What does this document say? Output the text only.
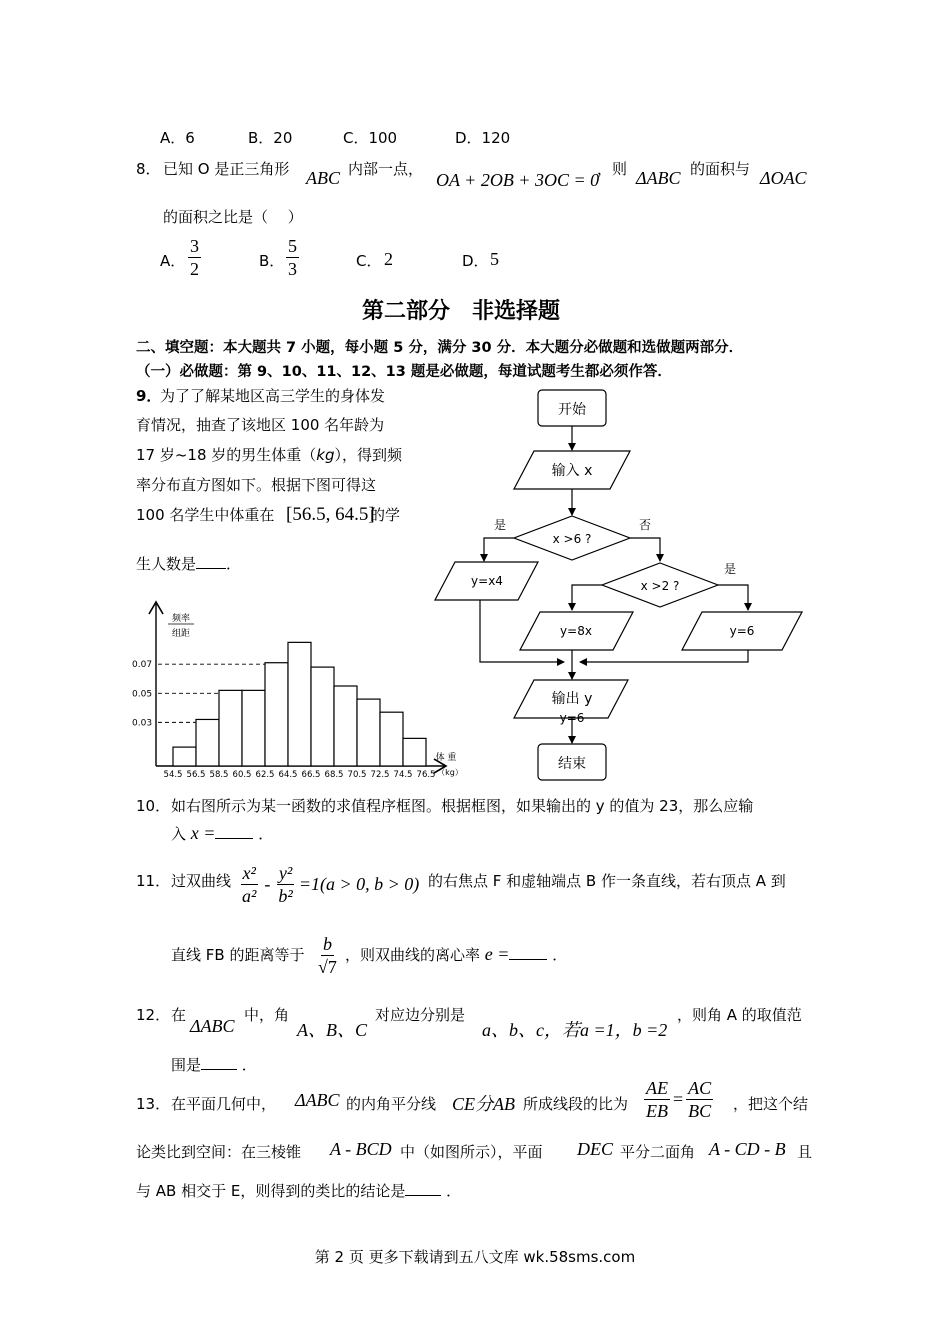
A．6	B．20	C．100	D．120
8． 已知 O 是正三角形 ABC 内部一点，
OA + 2OB + 3OC = 0
，则 ΔABC 的面积与 ΔOAC
的面积之比是（　 ）
A． $\frac{3}{2}$	B． $\frac{5}{3}$	C． 2	D． 5
第二部分　非选择题
二、填空题：本大题共 7 小题，每小题 5 分，满分 30 分．本大题分必做题和选做题两部分．
（一）必做题：第 9、10、11、12、13 题是必做题，每道试题考生都必须作答．
9．
为了了解某地区高三学生的身体发
育情况，抽查了该地区 100 名年龄为
17 岁~18 岁的男生体重（kg），得到频
率分布直方图如下。根据下图可得这
100 名学生中体重在 [56.5, 64.5]
的学
生人数是 ．
频率
组距
0.07
0.05
0.03
54.5 56.5 58.5 60.5 62.5 64.5 66.5 68.5 70.5 72.5 74.5 76.5
体 重
（kg）
开始
输入 x
x >6 ?
是	否
y=x4	x >2 ?
是
y=8x	y=6
输出 y
y=6
结束
10． 如右图所示为某一函数的求值程序框图。根据框图，如果输出的 y 的值为 23，那么应输
入 x =	．
11． 过双曲线 $\frac{\text{x²}}{\text{a²}} - \frac{\text{y²}}{\text{b²}} =1(a > 0$, b > 0) 的右焦点 F 和虚轴端点 B 作一条直线，若右顶点 A 到
直线 FB 的距离等于 $\frac{b}{√7}$ ，则双曲线的离心率 e =	．
12． 在
ΔABC
中，角
A、B、C
对应边分别是
a、b、c，若a =1，b =2
，则角 A 的取值范
围是	．
13． 在平面几何中， ΔABC 的内角平分线 CE分AB 所成线段的比为 $\frac{AE}{EB} = \frac{AC}{BC}$ ，把这个结
论类比到空间：在三棱锥 A - BCD 中（如图所示），平面 DEC 平分二面角 A - CD - B 且
与 AB 相交于 E，则得到的类比的结论是	．
第 2 页 更多下载请到五八文库 wk.58sms.com
